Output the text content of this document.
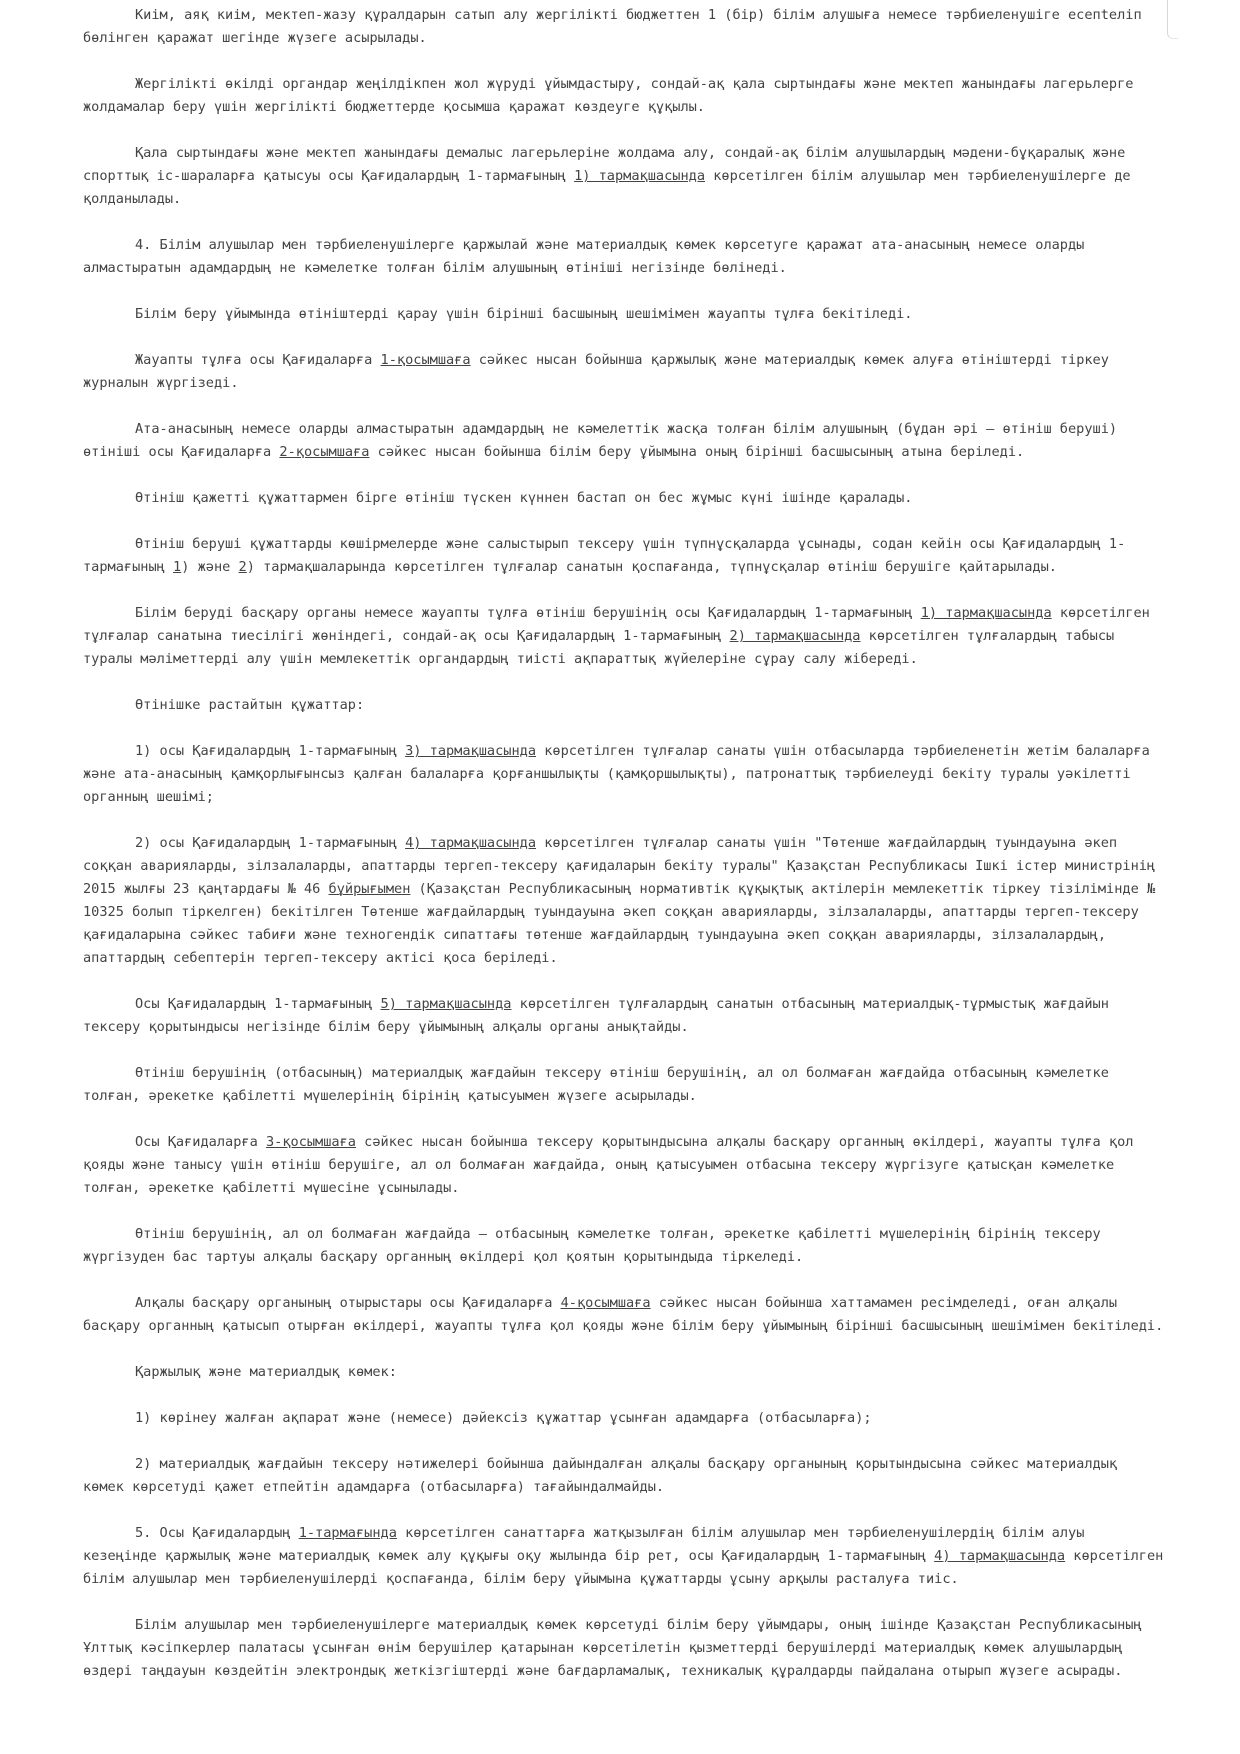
Киім, аяқ киім, мектеп-жазу құралдарын сатып алу жергілікті бюджеттен 1 (бір) білім алушыға немесе тәрбиеленушіге есепteліп бөлінген қаражат шегінде жүзеге асырылады.

Жергілікті өкілді органдар жеңілдікпен жол жүруді ұйымдастыру, сондай-ақ қала сыртындағы және мектеп жанындағы лагерьлерге жолдамалар беру үшін жергілікті бюджеттерде қосымша қаражат көздеуге құқылы.

Қала сыртындағы және мектеп жанындағы демалыс лагерьлеріне жолдама алу, сондай-ақ білім алушылардың мәдени-бұқаралық және спорттық іс-шараларға қатысуы осы Қағидалардың 1-тармағының 1) тармақшасында көрсетілген білім алушылар мен тәрбиеленушілерге де қолданылады.

4. Білім алушылар мен тәрбиеленушілерге қаржылай және материалдық көмек көрсетуге қаражат ата-анасының немесе оларды алмастыратын адамдардың не кәмелетке толған білім алушының өтініші негізінде бөлінеді.

Білім беру ұйымында өтініштерді қарау үшін бірінші басшының шешімімен жауапты тұлға бекітіледі.

Жауапты тұлға осы Қағидаларға 1-қосымшаға сәйкес нысан бойынша қаржылық және материалдық көмек алуға өтініштерді тіркеу журналын жүргізеді.

Ата-анасының немесе оларды алмастыратын адамдардың не кәмелеттік жасқа толған білім алушының (бұдан әрі – өтініш беруші) өтініші осы Қағидаларға 2-қосымшаға сәйкес нысан бойынша білім беру ұйымына оның бірінші басшысының атына беріледі.

Өтініш қажетті құжаттармен бірге өтініш түскен күннен бастап он бес жұмыс күні ішінде қаралады.

Өтініш беруші құжаттарды көшірмелерде және салыстырып тексеру үшін түпнұсқаларда ұсынады, содан кейін осы Қағидалардың 1-тармағының 1) және 2) тармақшаларында көрсетілген тұлғалар санатын қоспағанда, түпнұсқалар өтініш берушіге қайтарылады.

Білім беруді басқару органы немесе жауапты тұлға өтініш берушінің осы Қағидалардың 1-тармағының 1) тармақшасында көрсетілген тұлғалар санатына тиесілігі жөніндегі, сондай-ақ осы Қағидалардың 1-тармағының 2) тармақшасында көрсетілген тұлғалардың табысы туралы мәліметтерді алу үшін мемлекеттік органдардың тиісті ақпараттық жүйелеріне сұрау салу жібереді.

Өтінішке растайтын құжаттар:

1) осы Қағидалардың 1-тармағының 3) тармақшасында көрсетілген тұлғалар санаты үшін отбасыларда тәрбиеленетін жетім балаларға және ата-анасының қамқорлығынсыз қалған балаларға қорғаншылықты (қамқоршылықты), патронаттық тәрбиелеуді бекіту туралы уәкілетті органның шешімі;

2) осы Қағидалардың 1-тармағының 4) тармақшасында көрсетілген тұлғалар санаты үшін "Төтенше жағдайлардың туындауына әкеп соққан аварияларды, зілзалаларды, апаттарды тергеп-тексеру қағидаларын бекіту туралы" Қазақстан Республикасы Ішкі істер министрінің 2015 жылғы 23 қаңтардағы № 46 бұйрығымен (Қазақстан Республикасының нормативтік құқықтық актілерін мемлекеттік тіркеу тізілімінде № 10325 болып тіркелген) бекітілген Төтенше жағдайлардың туындауына әкеп соққан аварияларды, зілзалаларды, апаттарды тергеп-тексеру қағидаларына сәйкес табиғи және техногендік сипаттағы төтенше жағдайлардың туындауына әкеп соққан аварияларды, зілзалалардың, апаттардың себептерін тергеп-тексеру актісі қоса беріледі.

Осы Қағидалардың 1-тармағының 5) тармақшасында көрсетілген тұлғалардың санатын отбасының материалдық-тұрмыстық жағдайын тексеру қорытындысы негізінде білім беру ұйымының алқалы органы анықтайды.

Өтініш берушінің (отбасының) материалдық жағдайын тексеру өтініш берушінің, ал ол болмаған жағдайда отбасының кәмелетке толған, әрекетке қабілетті мүшелерінің бірінің қатысуымен жүзеге асырылады.

Осы Қағидаларға 3-қосымшаға сәйкес нысан бойынша тексеру қорытындысына алқалы басқару органның өкілдері, жауапты тұлға қол қояды және танысу үшін өтініш берушіге, ал ол болмаған жағдайда, оның қатысуымен отбасына тексеру жүргізуге қатысқан кәмелетке толған, әрекетке қабілетті мүшесіне ұсынылады.

Өтініш берушінің, ал ол болмаған жағдайда – отбасының кәмелетке толған, әрекетке қабілетті мүшелерінің бірінің тексеру жүргізуден бас тартуы алқалы басқару органның өкілдері қол қоятын қорытындыда тіркеледі.

Алқалы басқару органының отырыстары осы Қағидаларға 4-қосымшаға сәйкес нысан бойынша хаттамамен ресімделеді, оған алқалы басқару органның қатысып отырған өкілдері, жауапты тұлға қол қояды және білім беру ұйымының бірінші басшысының шешімімен бекітіледі.

Қаржылық және материалдық көмек:

1) көрінеу жалған ақпарат және (немесе) дәйексіз құжаттар ұсынған адамдарға (отбасыларға);

2) материалдық жағдайын тексеру нәтижелері бойынша дайындалған алқалы басқару органының қорытындысына сәйкес материалдық көмек көрсетуді қажет етпейтін адамдарға (отбасыларға) тағайындалмайды.

5. Осы Қағидалардың 1-тармағында көрсетілген санаттарға жатқызылған білім алушылар мен тәрбиеленушілердің білім алуы кезеңінде қаржылық және материалдық көмек алу құқығы оқу жылында бір рет, осы Қағидалардың 1-тармағының 4) тармақшасында көрсетілген білім алушылар мен тәрбиеленушілерді қоспағанда, білім беру ұйымына құжаттарды ұсыну арқылы расталуға тиіс.

Білім алушылар мен тәрбиеленушілерге материалдық көмек көрсетуді білім беру ұйымдары, оның ішінде Қазақстан Республикасының Ұлттық кәсіпкерлер палатасы ұсынған өнім берушілер қатарынан көрсетілетін қызметтерді берушілерді материалдық көмек алушылардың өздері таңдауын көздейтін электрондық жеткізгіштерді және бағдарламалық, техникалық құралдарды пайдалана отырып жүзеге асырады.
